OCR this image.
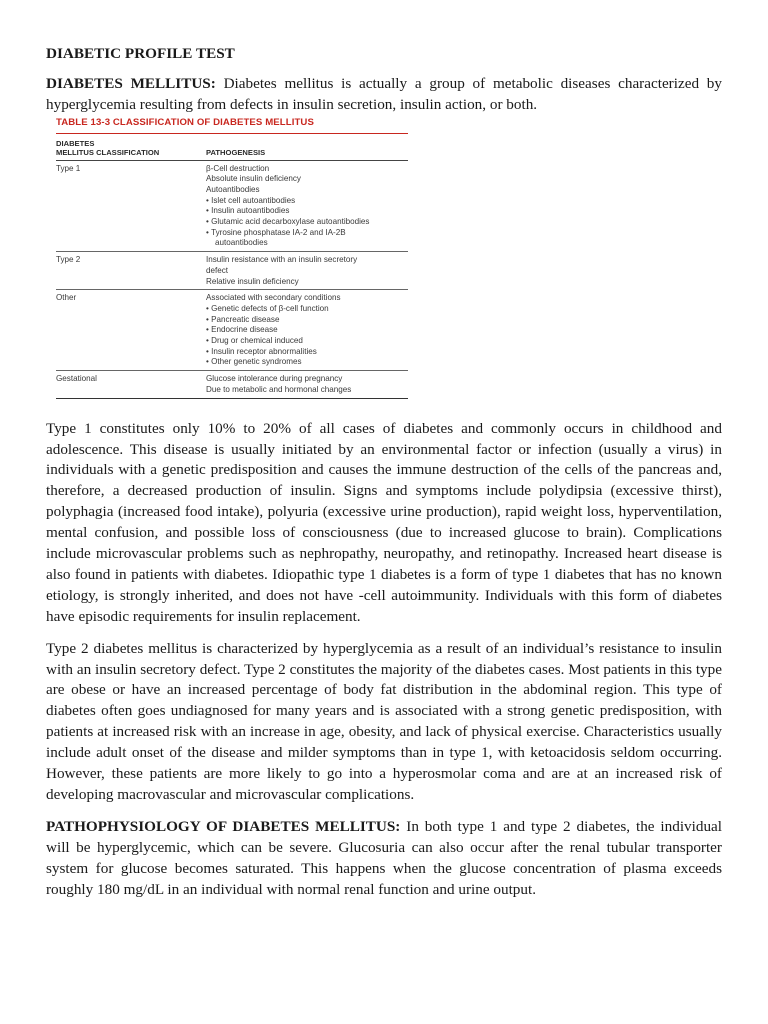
DIABETIC PROFILE TEST

DIABETES MELLITUS: Diabetes mellitus is actually a group of metabolic diseases characterized by hyperglycemia resulting from defects in insulin secretion, insulin action, or both.

TABLE 13-3 CLASSIFICATION OF DIABETES MELLITUS
DIABETES
MELLITUS CLASSIFICATION
	PATHOGENESIS
Type 1	β-Cell destruction
Absolute insulin deficiency
Autoantibodies
• Islet cell autoantibodies
• Insulin autoantibodies
• Glutamic acid decarboxylase autoantibodies
• Tyrosine phosphatase IA-2 and IA-2B
autoantibodies
Type 2	Insulin resistance with an insulin secretory
defect
Relative insulin deficiency
Other	Associated with secondary conditions
• Genetic defects of β-cell function
• Pancreatic disease
• Endocrine disease
• Drug or chemical induced
• Insulin receptor abnormalities
• Other genetic syndromes
Gestational	Glucose intolerance during pregnancy
Due to metabolic and hormonal changes

Type 1 constitutes only 10% to 20% of all cases of diabetes and commonly occurs in childhood and adolescence. This disease is usually initiated by an environmental factor or infection (usually a virus) in individuals with a genetic predisposition and causes the immune destruction of the cells of the pancreas and, therefore, a decreased production of insulin. Signs and symptoms include polydipsia (excessive thirst), polyphagia (increased food intake), polyuria (excessive urine production), rapid weight loss, hyperventilation, mental confusion, and possible loss of consciousness (due to increased glucose to brain). Complications include microvascular problems such as nephropathy, neuropathy, and retinopathy. Increased heart disease is also found in patients with diabetes. Idiopathic type 1 diabetes is a form of type 1 diabetes that has no known etiology, is strongly inherited, and does not have -cell autoimmunity. Individuals with this form of diabetes have episodic requirements for insulin replacement.

Type 2 diabetes mellitus is characterized by hyperglycemia as a result of an individual’s resistance to insulin with an insulin secretory defect. Type 2 constitutes the majority of the diabetes cases. Most patients in this type are obese or have an increased percentage of body fat distribution in the abdominal region. This type of diabetes often goes undiagnosed for many years and is associated with a strong genetic predisposition, with patients at increased risk with an increase in age, obesity, and lack of physical exercise. Characteristics usually include adult onset of the disease and milder symptoms than in type 1, with ketoacidosis seldom occurring. However, these patients are more likely to go into a hyperosmolar coma and are at an increased risk of developing macrovascular and microvascular complications.

PATHOPHYSIOLOGY OF DIABETES MELLITUS: In both type 1 and type 2 diabetes, the individual will be hyperglycemic, which can be severe. Glucosuria can also occur after the renal tubular transporter system for glucose becomes saturated. This happens when the glucose concentration of plasma exceeds roughly 180 mg/dL in an individual with normal renal function and urine output.
